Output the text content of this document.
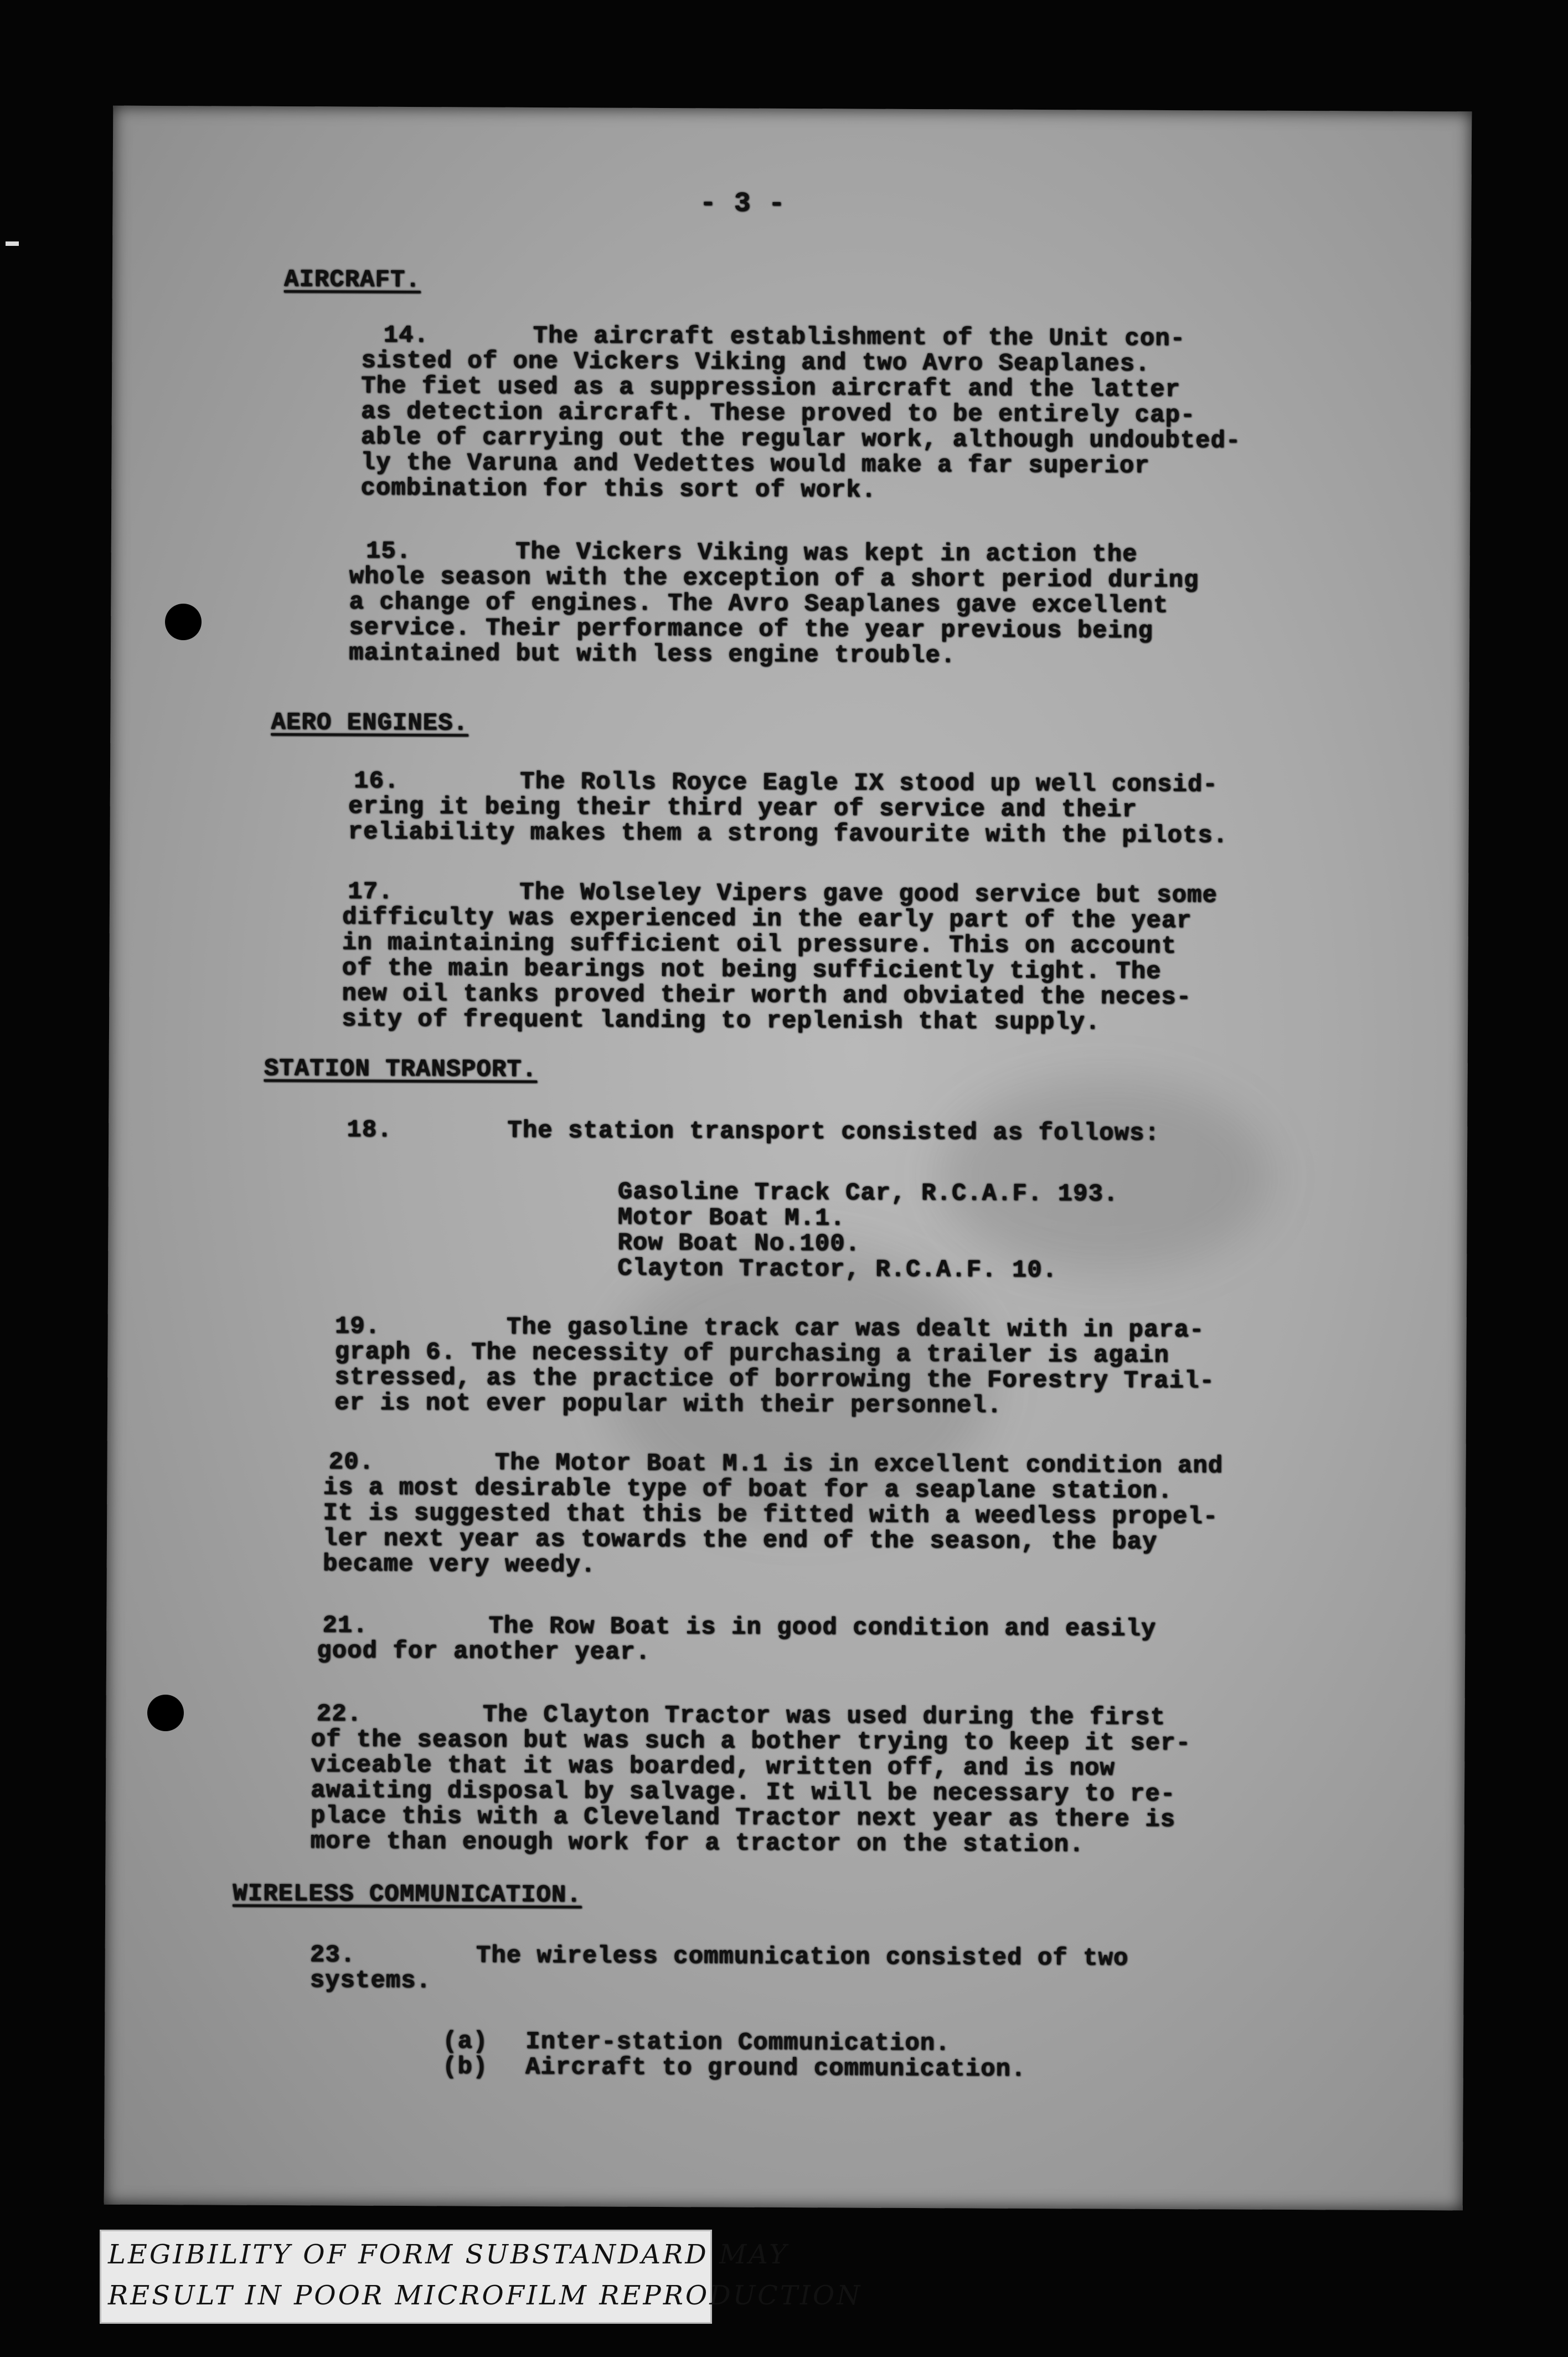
- 3 -
AIRCRAFT.
14.	The aircraft establishment of the Unit con-
sisted of one Vickers Viking and two Avro Seaplanes.
The fiet used as a suppression aircraft and the latter
as detection aircraft. These proved to be entirely cap-
able of carrying out the regular work, although undoubted-
ly the Varuna and Vedettes would make a far superior
combination for this sort of work.
15.	The Vickers Viking was kept in action the
whole season with the exception of a short period during
a change of engines. The Avro Seaplanes gave excellent
service. Their performance of the year previous being
maintained but with less engine trouble.
AERO ENGINES.
16.	The Rolls Royce Eagle IX stood up well consid-
ering it being their third year of service and their
reliability makes them a strong favourite with the pilots.
17.	The Wolseley Vipers gave good service but some
difficulty was experienced in the early part of the year
in maintaining sufficient oil pressure. This on account
of the main bearings not being sufficiently tight. The
new oil tanks proved their worth and obviated the neces-
sity of frequent landing to replenish that supply.
STATION TRANSPORT.
18.	The station transport consisted as follows:
Gasoline Track Car, R.C.A.F. 193.
Motor Boat M.1.
Row Boat No.100.
Clayton Tractor, R.C.A.F. 10.
19.	The gasoline track car was dealt with in para-
graph 6. The necessity of purchasing a trailer is again
stressed, as the practice of borrowing the Forestry Trail-
er is not ever popular with their personnel.
20.	The Motor Boat M.1 is in excellent condition and
is a most desirable type of boat for a seaplane station.
It is suggested that this be fitted with a weedless propel-
ler next year as towards the end of the season, the bay
became very weedy.
21.	The Row Boat is in good condition and easily
good for another year.
22.	The Clayton Tractor was used during the first
of the season but was such a bother trying to keep it ser-
viceable that it was boarded, written off, and is now
awaiting disposal by salvage. It will be necessary to re-
place this with a Cleveland Tractor next year as there is
more than enough work for a tractor on the station.
WIRELESS COMMUNICATION.
23.	The wireless communication consisted of two
systems.
(a) Inter-station Communication.
(b) Aircraft to ground communication.
LEGIBILITY OF FORM SUBSTANDARD MAY
RESULT IN POOR MICROFILM REPRODUCTION
